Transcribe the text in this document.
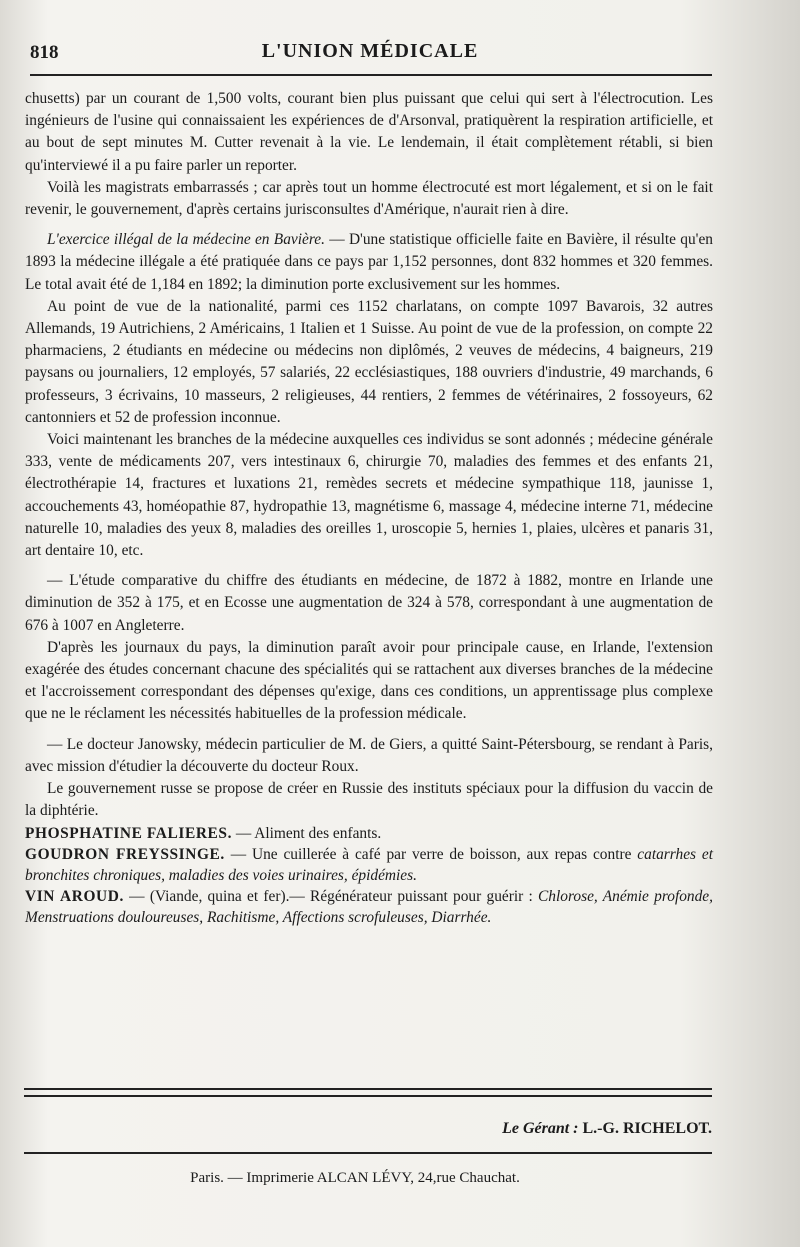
818	L'UNION MÉDICALE

chusetts) par un courant de 1,500 volts, courant bien plus puissant que celui qui sert à l'électrocution. Les ingénieurs de l'usine qui connaissaient les expériences de d'Arsonval, pratiquèrent la respiration artificielle, et au bout de sept minutes M. Cutter revenait à la vie. Le lendemain, il était complètement rétabli, si bien qu'interviewé il a pu faire parler un reporter.

Voilà les magistrats embarrassés ; car après tout un homme électrocuté est mort légalement, et si on le fait revenir, le gouvernement, d'après certains jurisconsultes d'Amérique, n'aurait rien à dire.

L'exercice illégal de la médecine en Bavière. — D'une statistique officielle faite en Bavière, il résulte qu'en 1893 la médecine illégale a été pratiquée dans ce pays par 1,152 personnes, dont 832 hommes et 320 femmes. Le total avait été de 1,184 en 1892; la diminution porte exclusivement sur les hommes.

Au point de vue de la nationalité, parmi ces 1152 charlatans, on compte 1097 Bavarois, 32 autres Allemands, 19 Autrichiens, 2 Américains, 1 Italien et 1 Suisse. Au point de vue de la profession, on compte 22 pharmaciens, 2 étudiants en médecine ou médecins non diplômés, 2 veuves de médecins, 4 baigneurs, 219 paysans ou journaliers, 12 employés, 57 salariés, 22 ecclésiastiques, 188 ouvriers d'industrie, 49 marchands, 6 professeurs, 3 écrivains, 10 masseurs, 2 religieuses, 44 rentiers, 2 femmes de vétérinaires, 2 fossoyeurs, 62 cantonniers et 52 de profession inconnue.

Voici maintenant les branches de la médecine auxquelles ces individus se sont adonnés ; médecine générale 333, vente de médicaments 207, vers intestinaux 6, chirurgie 70, maladies des femmes et des enfants 21, électrothérapie 14, fractures et luxations 21, remèdes secrets et médecine sympathique 118, jaunisse 1, accouchements 43, homéopathie 87, hydropathie 13, magnétisme 6, massage 4, médecine interne 71, médecine naturelle 10, maladies des yeux 8, maladies des oreilles 1, uroscopie 5, hernies 1, plaies, ulcères et panaris 31, art dentaire 10, etc.

— L'étude comparative du chiffre des étudiants en médecine, de 1872 à 1882, montre en Irlande une diminution de 352 à 175, et en Ecosse une augmentation de 324 à 578, correspondant à une augmentation de 676 à 1007 en Angleterre.

D'après les journaux du pays, la diminution paraît avoir pour principale cause, en Irlande, l'extension exagérée des études concernant chacune des spécialités qui se rattachent aux diverses branches de la médecine et l'accroissement correspondant des dépenses qu'exige, dans ces conditions, un apprentissage plus complexe que ne le réclament les nécessités habituelles de la profession médicale.

— Le docteur Janowsky, médecin particulier de M. de Giers, a quitté Saint-Pétersbourg, se rendant à Paris, avec mission d'étudier la découverte du docteur Roux.

Le gouvernement russe se propose de créer en Russie des instituts spéciaux pour la diffusion du vaccin de la diphtérie.

PHOSPHATINE FALIERES. — Aliment des enfants.

GOUDRON FREYSSINGE. — Une cuillerée à café par verre de boisson, aux repas contre catarrhes et bronchites chroniques, maladies des voies urinaires, épidémies.

VIN AROUD. — (Viande, quina et fer).— Régénérateur puissant pour guérir : Chlorose, Anémie profonde, Menstruations douloureuses, Rachitisme, Affections scrofuleuses, Diarrhée.

Le Gérant : L.-G. RICHELOT.
Paris. — Imprimerie ALCAN LÉVY, 24,rue Chauchat.
